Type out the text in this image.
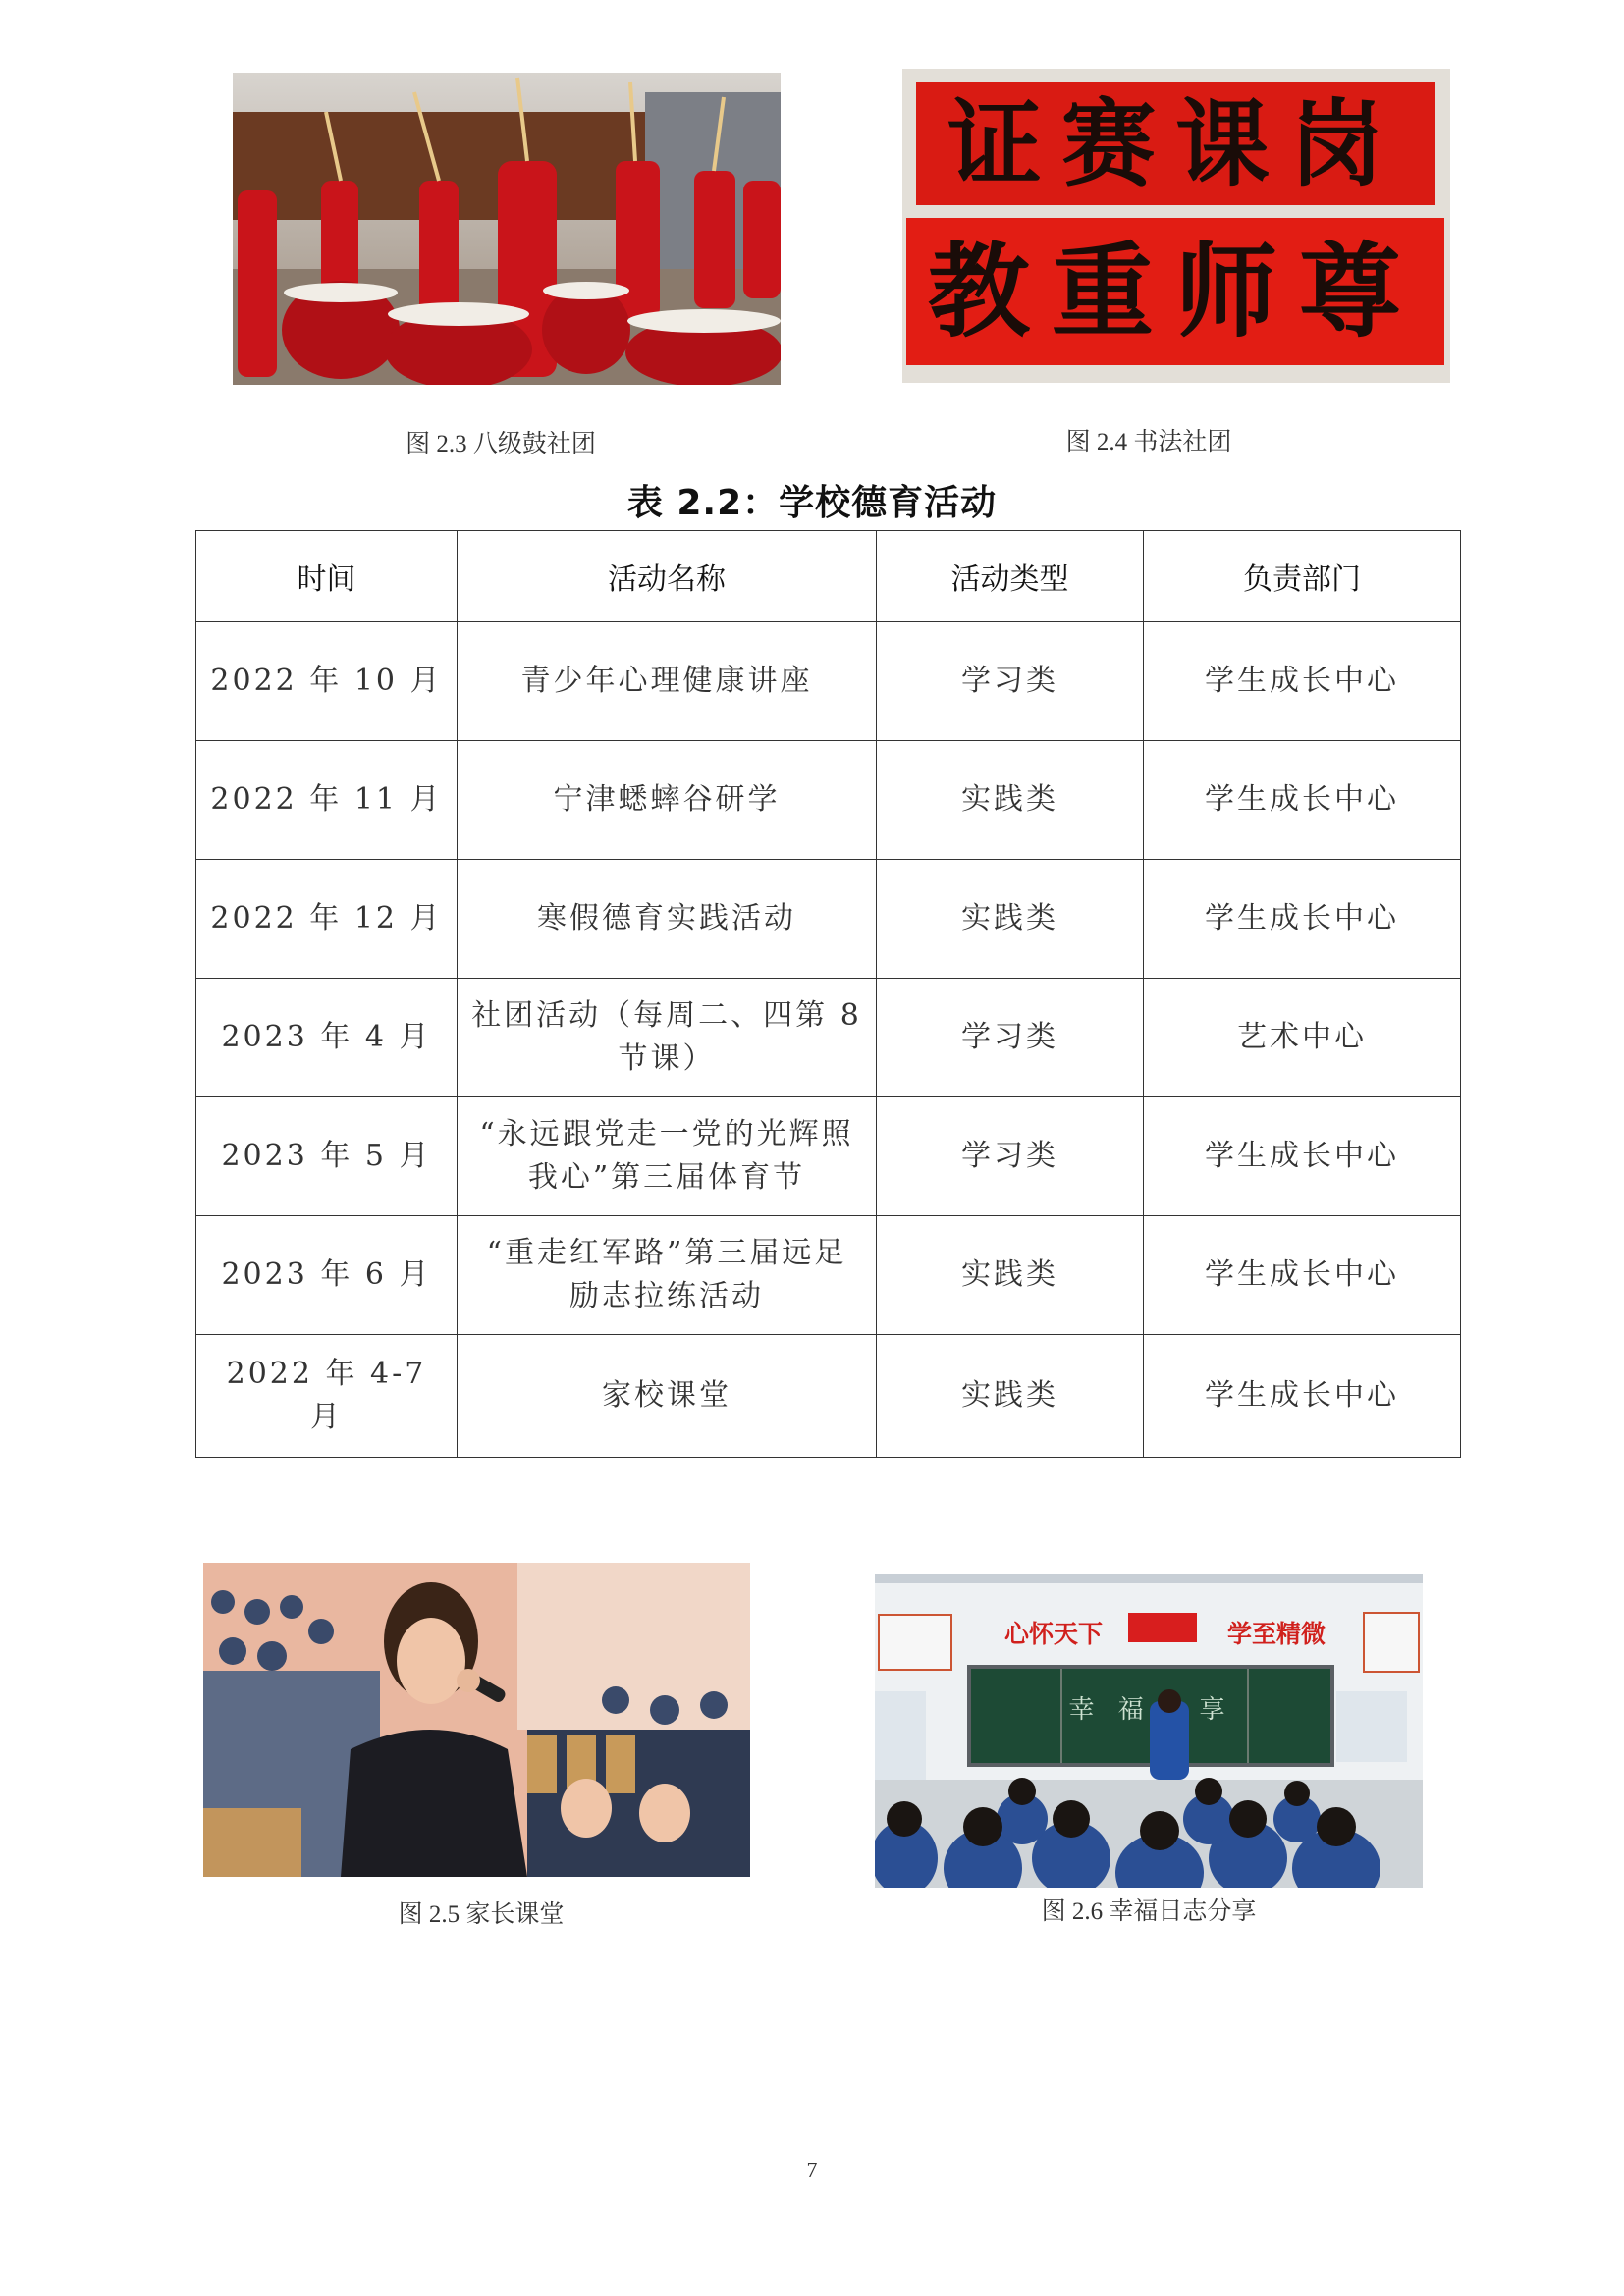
证赛课岗
教重师尊
图 2.3 八级鼓社团	图 2.4 书法社团
表 2.2：学校德育活动
时间	活动名称	活动类型	负责部门
2022 年 10 月	青少年心理健康讲座	学习类	学生成长中心
2022 年 11 月	宁津蟋蟀谷研学	实践类	学生成长中心
2022 年 12 月	寒假德育实践活动	实践类	学生成长中心
2023 年 4 月	社团活动（每周二、四第 8 节课）	学习类	艺术中心
2023 年 5 月	“永远跟党走一党的光辉照我心”第三届体育节	学习类	学生成长中心
2023 年 6 月	“重走红军路”第三届远足励志拉练活动	实践类	学生成长中心
2022 年 4-7 月	家校课堂	实践类	学生成长中心
心怀天下	学至精微
幸 福   享
图 2.5 家长课堂	图 2.6 幸福日志分享
7
